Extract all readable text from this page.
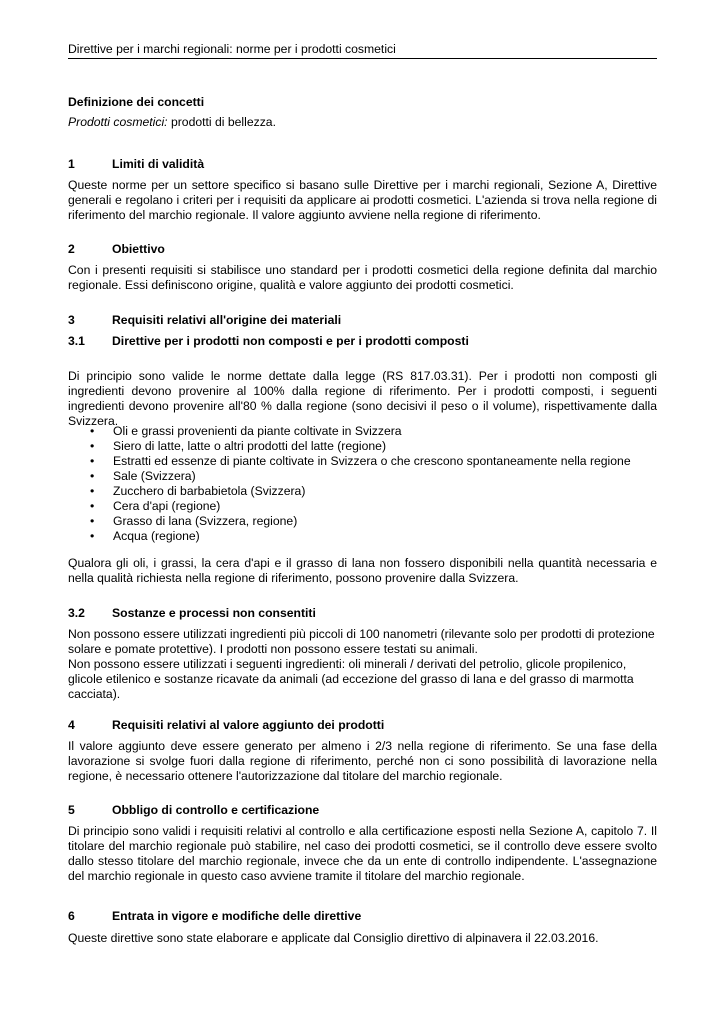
Direttive per i marchi regionali: norme per i prodotti cosmetici
Definizione dei concetti
Prodotti cosmetici: prodotti di bellezza.
1	Limiti di validità

Queste norme per un settore specifico si basano sulle Direttive per i marchi regionali, Sezione A, Direttive generali e regolano i criteri per i requisiti da applicare ai prodotti cosmetici. L'azienda si trova nella regione di riferimento del marchio regionale. Il valore aggiunto avviene nella regione di riferimento.

2	Obiettivo

Con i presenti requisiti si stabilisce uno standard per i prodotti cosmetici della regione definita dal marchio regionale. Essi definiscono origine, qualità e valore aggiunto dei prodotti cosmetici.

3	Requisiti relativi all'origine dei materiali
3.1 Direttive per i prodotti non composti e per i prodotti composti

Di principio sono valide le norme dettate dalla legge (RS 817.03.31). Per i prodotti non composti gli ingredienti devono provenire al 100% dalla regione di riferimento. Per i prodotti composti, i seguenti ingredienti devono provenire all'80 % dalla regione (sono decisivi il peso o il volume), rispettivamente dalla Svizzera.

• Oli e grassi provenienti da piante coltivate in Svizzera
• Siero di latte, latte o altri prodotti del latte (regione)
• Estratti ed essenze di piante coltivate in Svizzera o che crescono spontaneamente nella regione
• Sale (Svizzera)
• Zucchero di barbabietola (Svizzera)
• Cera d'api (regione)
• Grasso di lana (Svizzera, regione)
• Acqua (regione)

Qualora gli oli, i grassi, la cera d'api e il grasso di lana non fossero disponibili nella quantità necessaria e nella qualità richiesta nella regione di riferimento, possono provenire dalla Svizzera.

3.2 Sostanze e processi non consentiti

Non possono essere utilizzati ingredienti più piccoli di 100 nanometri (rilevante solo per prodotti di protezione solare e pomate protettive). I prodotti non possono essere testati su animali.

Non possono essere utilizzati i seguenti ingredienti: oli minerali / derivati del petrolio, glicole propilenico, glicole etilenico e sostanze ricavate da animali (ad eccezione del grasso di lana e del grasso di marmotta cacciata).

4	Requisiti relativi al valore aggiunto dei prodotti

Il valore aggiunto deve essere generato per almeno i 2/3 nella regione di riferimento. Se una fase della lavorazione si svolge fuori dalla regione di riferimento, perché non ci sono possibilità di lavorazione nella regione, è necessario ottenere l'autorizzazione dal titolare del marchio regionale.

5	Obbligo di controllo e certificazione

Di principio sono validi i requisiti relativi al controllo e alla certificazione esposti nella Sezione A, capitolo 7. Il titolare del marchio regionale può stabilire, nel caso dei prodotti cosmetici, se il controllo deve essere svolto dallo stesso titolare del marchio regionale, invece che da un ente di controllo indipendente. L'assegnazione del marchio regionale in questo caso avviene tramite il titolare del marchio regionale.

6	Entrata in vigore e modifiche delle direttive

Queste direttive sono state elaborare e applicate dal Consiglio direttivo di alpinavera il 22.03.2016.
